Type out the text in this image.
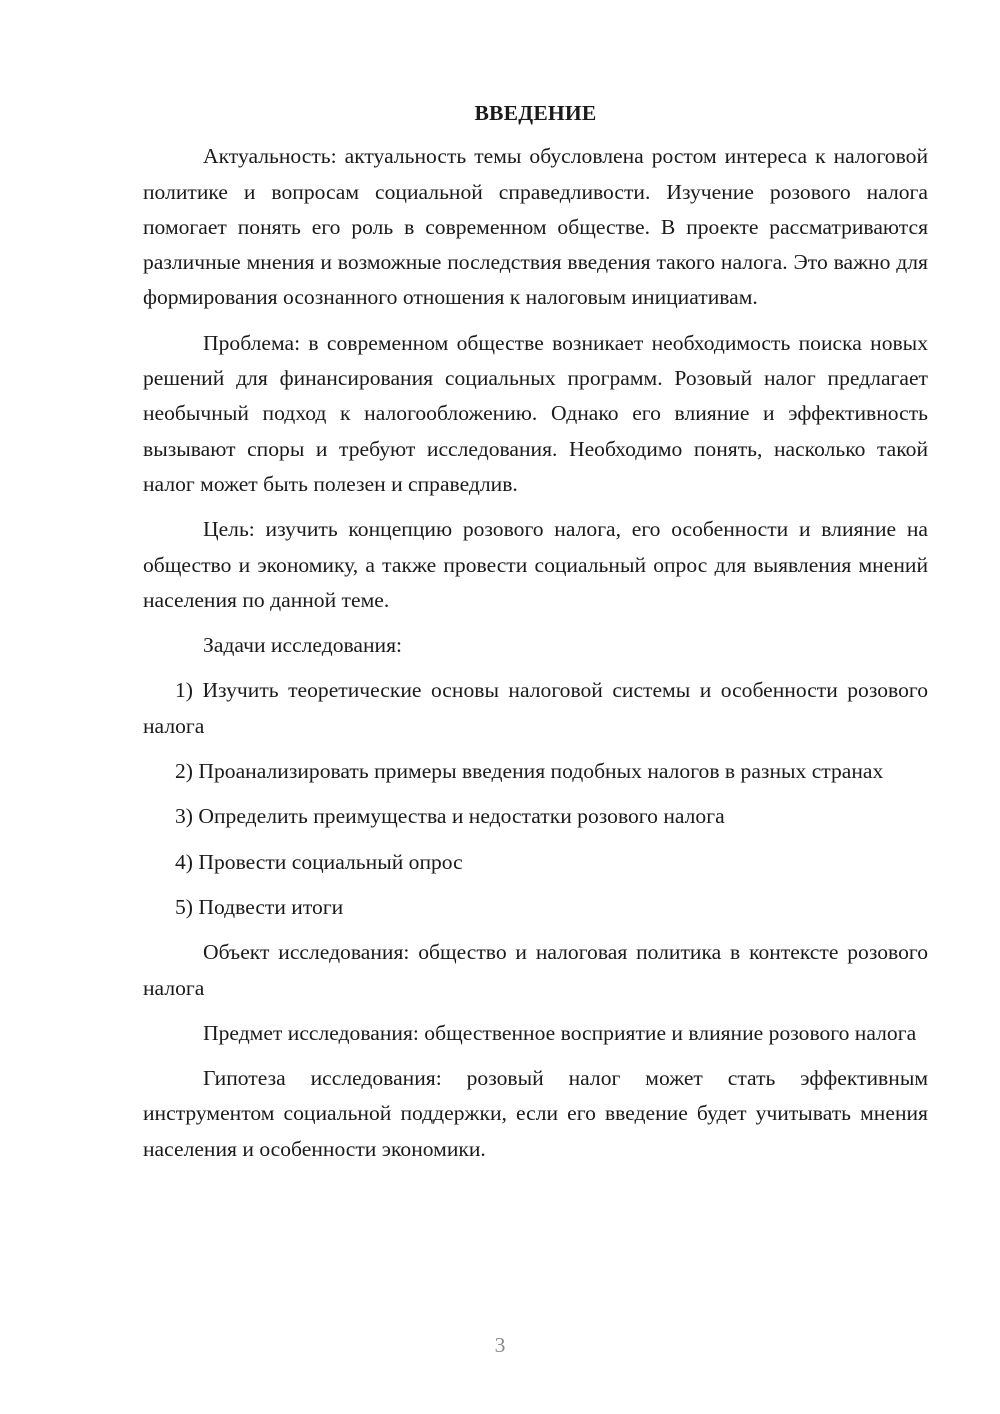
ВВЕДЕНИЕ

Актуальность: актуальность темы обусловлена ростом интереса к налоговой политике и вопросам социальной справедливости. Изучение розового налога помогает понять его роль в современном обществе. В проекте рассматриваются различные мнения и возможные последствия введения такого налога. Это важно для формирования осознанного отношения к налоговым инициативам.

Проблема: в современном обществе возникает необходимость поиска новых решений для финансирования социальных программ. Розовый налог предлагает необычный подход к налогообложению. Однако его влияние и эффективность вызывают споры и требуют исследования. Необходимо понять, насколько такой налог может быть полезен и справедлив.

Цель: изучить концепцию розового налога, его особенности и влияние на общество и экономику, а также провести социальный опрос для выявления мнений населения по данной теме.

Задачи исследования:

1) Изучить теоретические основы налоговой системы и особенности розового налога

2) Проанализировать примеры введения подобных налогов в разных странах

3) Определить преимущества и недостатки розового налога

4) Провести социальный опрос

5) Подвести итоги

Объект исследования: общество и налоговая политика в контексте розового налога

Предмет исследования: общественное восприятие и влияние розового налога

Гипотеза исследования: розовый налог может стать эффективным инструментом социальной поддержки, если его введение будет учитывать мнения населения и особенности экономики.

3
